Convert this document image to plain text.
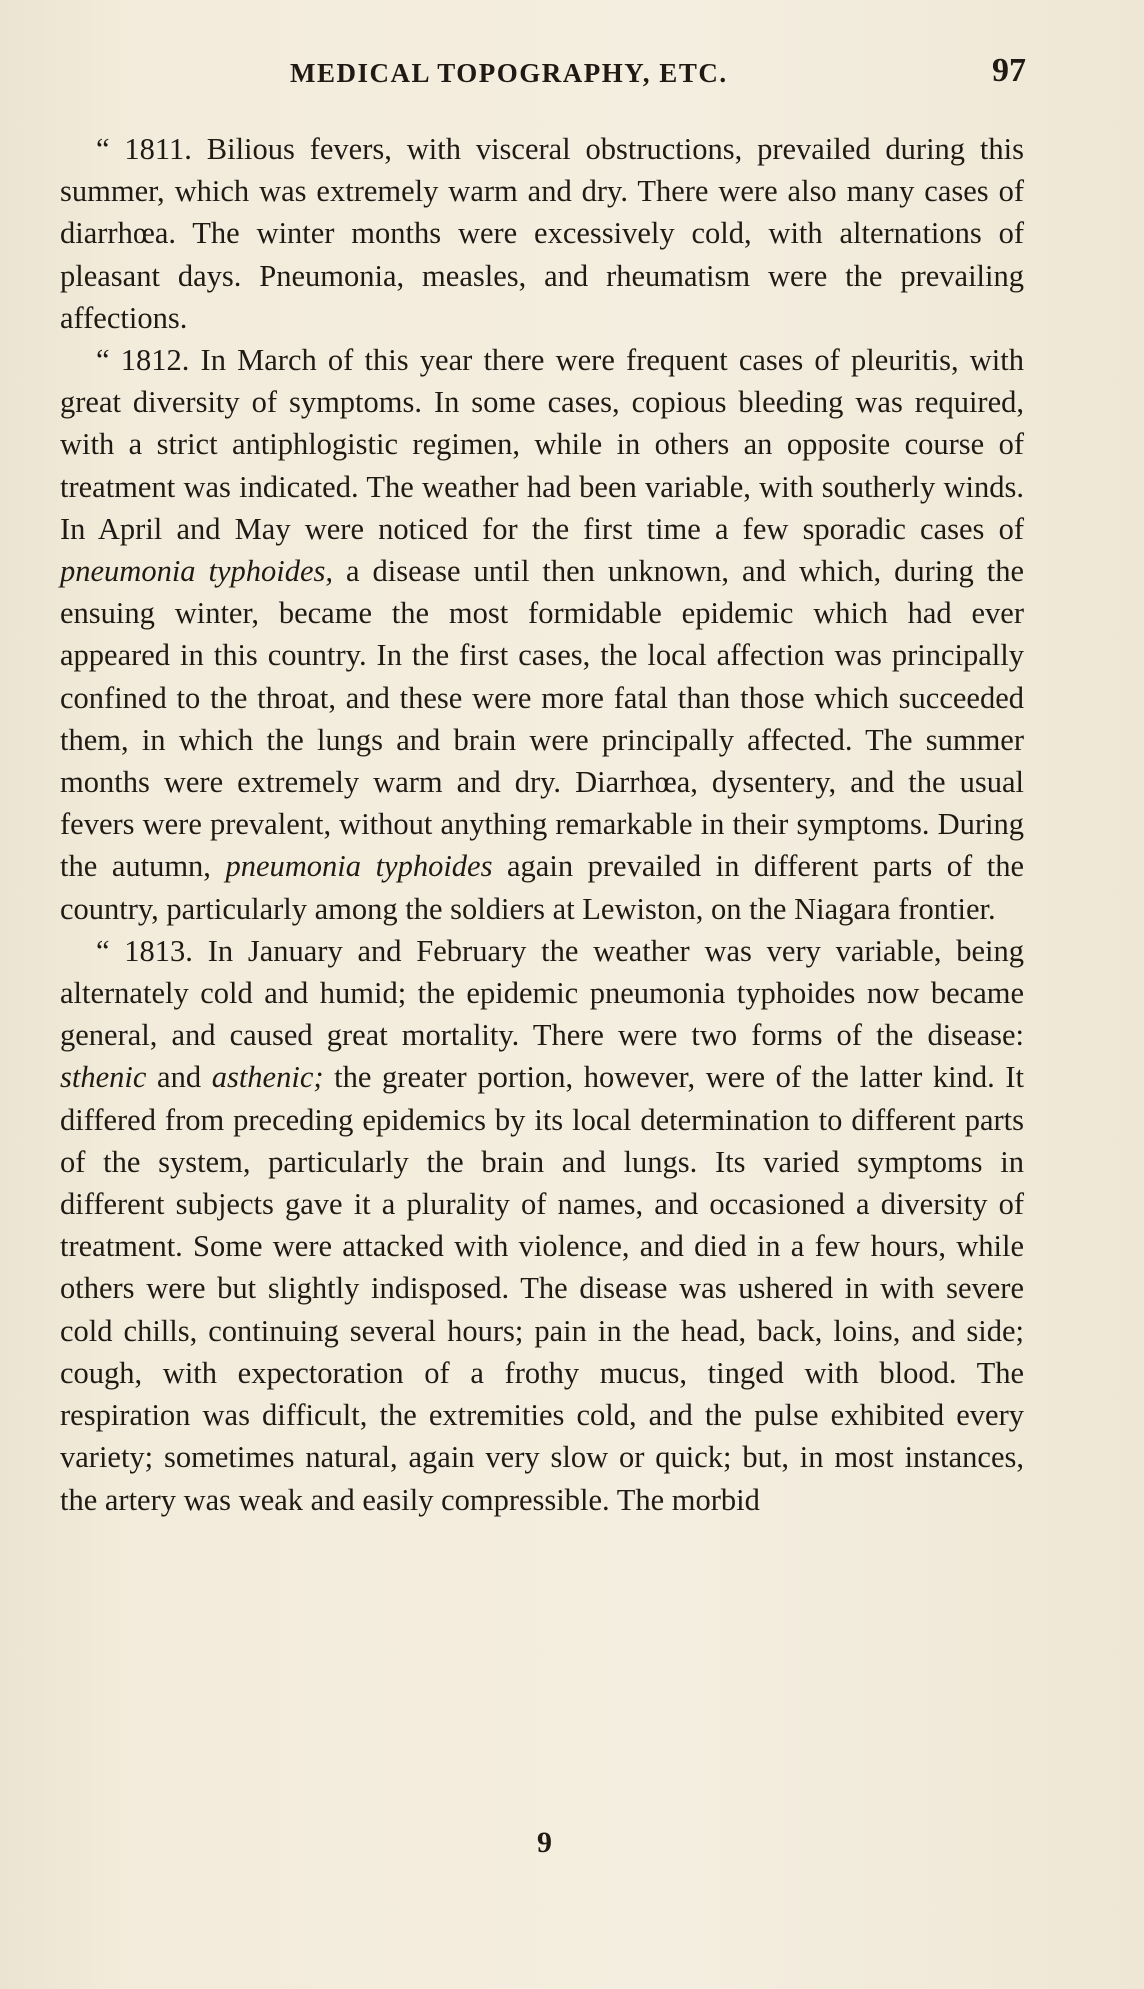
MEDICAL TOPOGRAPHY, ETC.	97

“ 1811. Bilious fevers, with visceral obstructions, prevailed during this summer, which was extremely warm and dry. There were also many cases of diarrhœa. The winter months were excessively cold, with alternations of pleasant days. Pneumonia, measles, and rheumatism were the prevailing affections.

“ 1812. In March of this year there were frequent cases of pleuritis, with great diversity of symptoms. In some cases, copious bleeding was required, with a strict antiphlogistic regimen, while in others an opposite course of treatment was indicated. The weather had been variable, with southerly winds. In April and May were noticed for the first time a few sporadic cases of pneumonia typhoides, a disease until then unknown, and which, during the ensuing winter, became the most formidable epidemic which had ever appeared in this country. In the first cases, the local affection was principally confined to the throat, and these were more fatal than those which succeeded them, in which the lungs and brain were principally affected. The summer months were extremely warm and dry. Diarrhœa, dysentery, and the usual fevers were prevalent, without anything remarkable in their symptoms. During the autumn, pneumonia typhoides again prevailed in different parts of the country, particularly among the soldiers at Lewiston, on the Niagara frontier.

“ 1813. In January and February the weather was very variable, being alternately cold and humid; the epidemic pneumonia typhoides now became general, and caused great mortality. There were two forms of the disease: sthenic and asthenic; the greater portion, however, were of the latter kind. It differed from preceding epidemics by its local determination to different parts of the system, particularly the brain and lungs. Its varied symptoms in different subjects gave it a plurality of names, and occasioned a diversity of treatment. Some were attacked with violence, and died in a few hours, while others were but slightly indisposed. The disease was ushered in with severe cold chills, continuing several hours; pain in the head, back, loins, and side; cough, with expectoration of a frothy mucus, tinged with blood. The respiration was difficult, the extremities cold, and the pulse exhibited every variety; sometimes natural, again very slow or quick; but, in most instances, the artery was weak and easily compressible. The morbid

9
